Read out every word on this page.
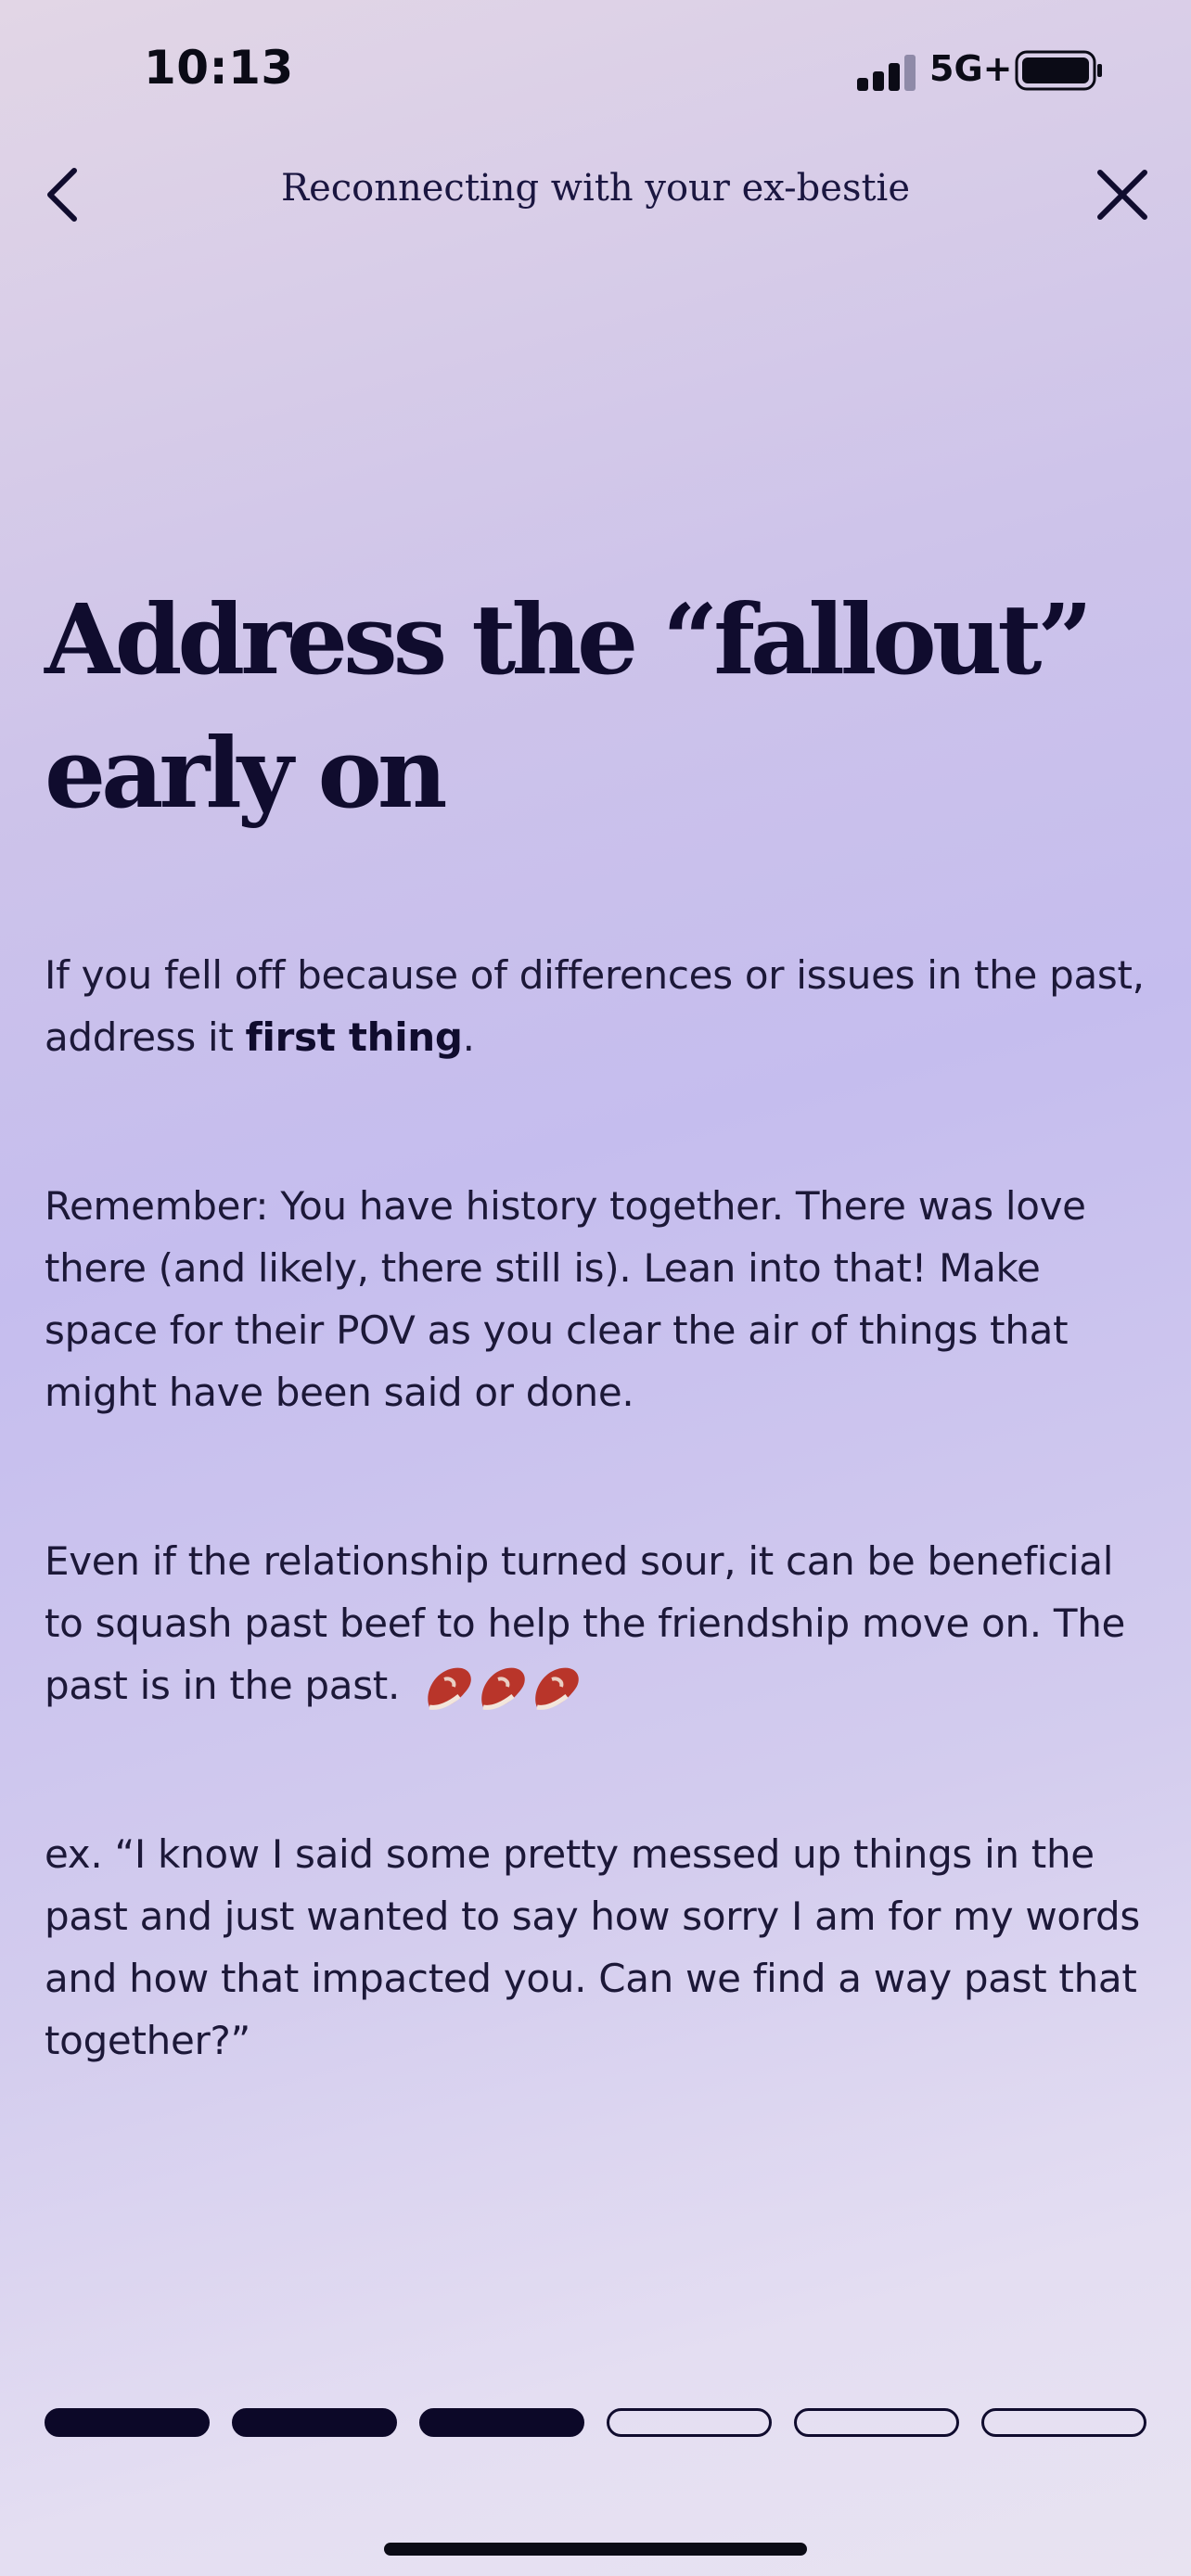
10:13	5G+
Reconnecting with your ex-bestie
Address the “fallout”
early on

If you fell off because of differences or issues in the past, address it first thing.

Remember: You have history together. There was love there (and likely, there still is). Lean into that! Make space for their POV as you clear the air of things that might have been said or done.

Even if the relationship turned sour, it can be beneficial to squash past beef to help the friendship move on. The past is in the past.

ex. “I know I said some pretty messed up things in the past and just wanted to say how sorry I am for my words and how that impacted you. Can we find a way past that together?”
